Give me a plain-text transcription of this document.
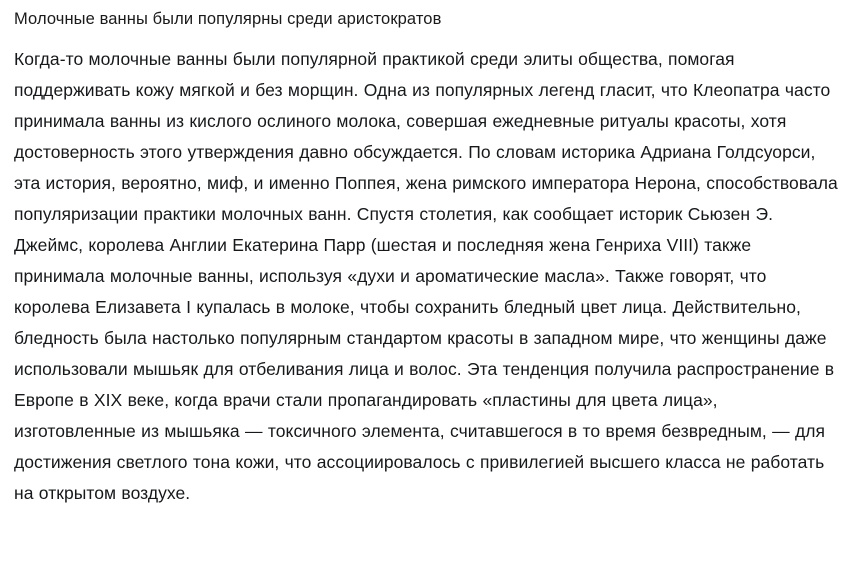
Молочные ванны были популярны среди аристократов

Когда-то молочные ванны были популярной практикой среди элиты общества, помогая поддерживать кожу мягкой и без морщин. Одна из популярных легенд гласит, что Клеопатра часто принимала ванны из кислого ослиного молока, совершая ежедневные ритуалы красоты, хотя достоверность этого утверждения давно обсуждается. По словам историка Адриана Голдсуорси, эта история, вероятно, миф, и именно Поппея, жена римского императора Нерона, способствовала популяризации практики молочных ванн. Спустя столетия, как сообщает историк Сьюзен Э. Джеймс, королева Англии Екатерина Парр (шестая и последняя жена Генриха VIII) также принимала молочные ванны, используя «духи и ароматические масла». Также говорят, что королева Елизавета I купалась в молоке, чтобы сохранить бледный цвет лица. Действительно, бледность была настолько популярным стандартом красоты в западном мире, что женщины даже использовали мышьяк для отбеливания лица и волос. Эта тенденция получила распространение в Европе в XIX веке, когда врачи стали пропагандировать «пластины для цвета лица», изготовленные из мышьяка — токсичного элемента, считавшегося в то время безвредным, — для достижения светлого тона кожи, что ассоциировалось с привилегией высшего класса не работать на открытом воздухе.
